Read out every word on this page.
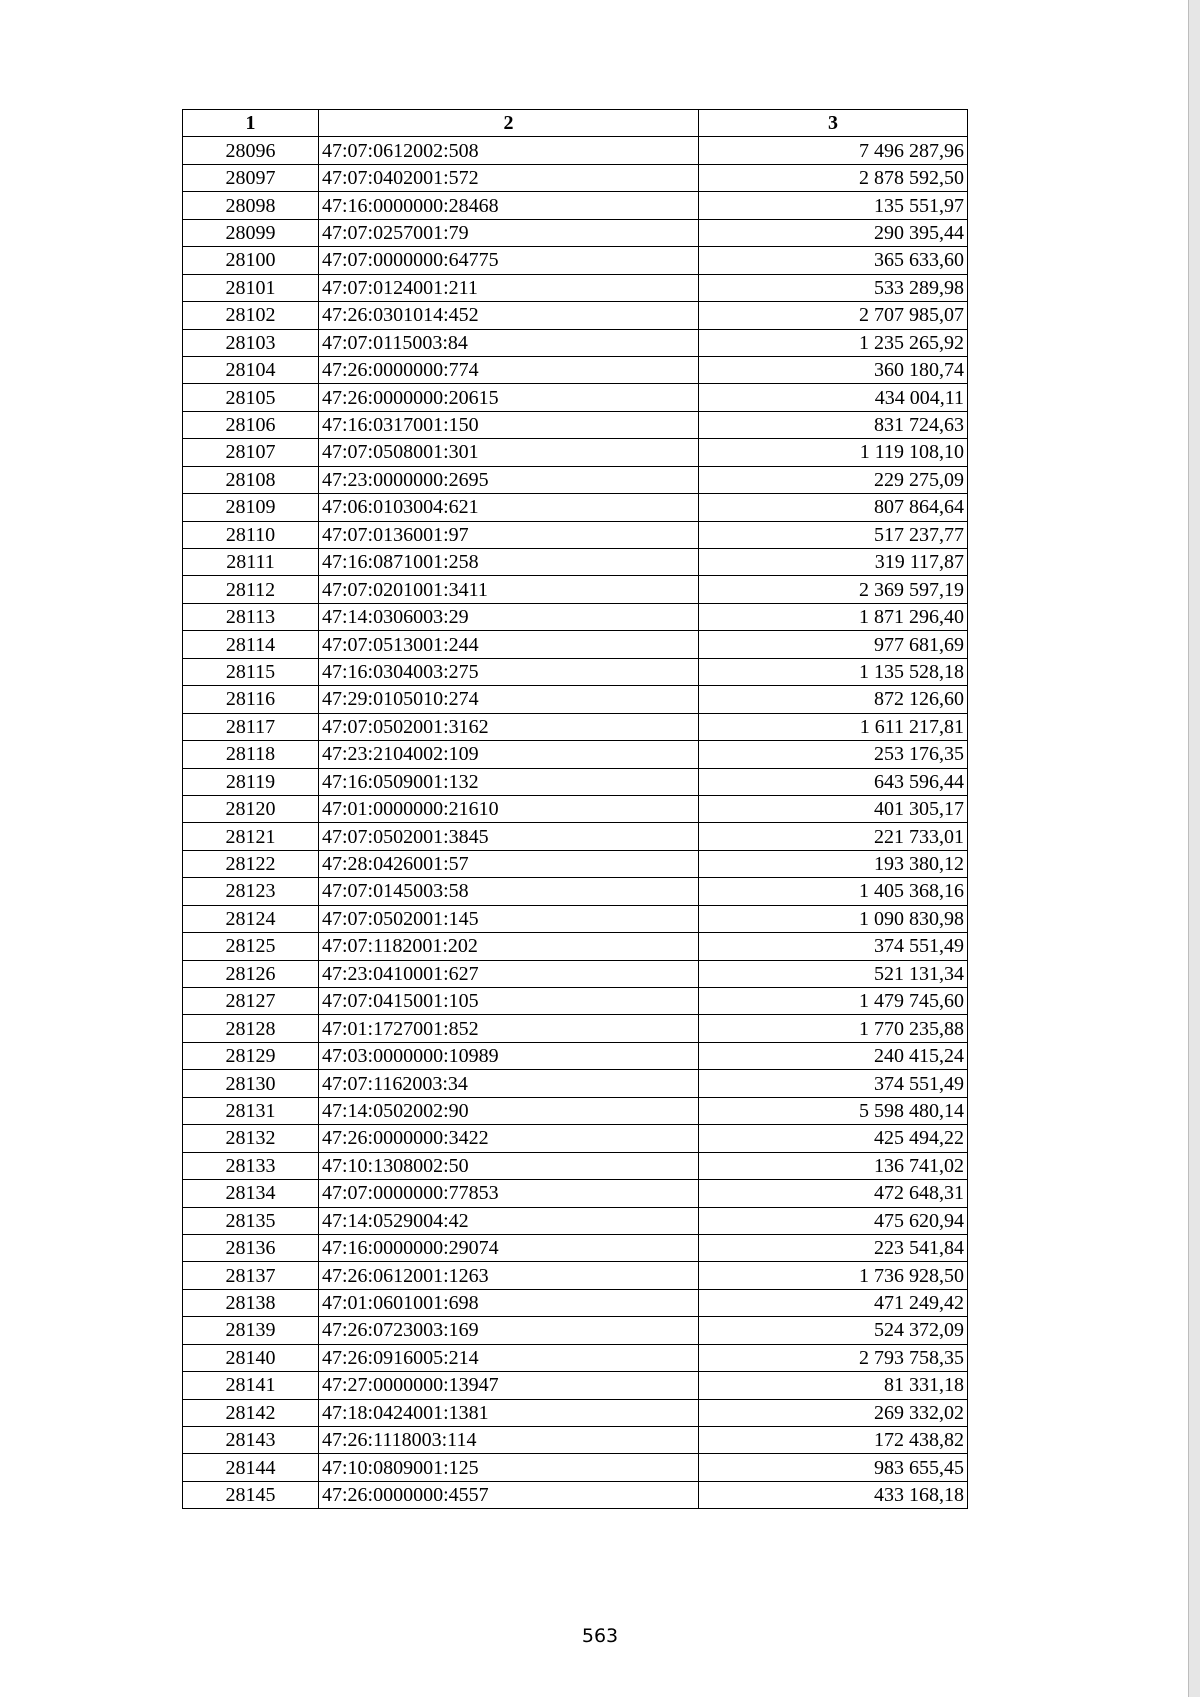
1	2	3
28096	47:07:0612002:508	7 496 287,96
28097	47:07:0402001:572	2 878 592,50
28098	47:16:0000000:28468	135 551,97
28099	47:07:0257001:79	290 395,44
28100	47:07:0000000:64775	365 633,60
28101	47:07:0124001:211	533 289,98
28102	47:26:0301014:452	2 707 985,07
28103	47:07:0115003:84	1 235 265,92
28104	47:26:0000000:774	360 180,74
28105	47:26:0000000:20615	434 004,11
28106	47:16:0317001:150	831 724,63
28107	47:07:0508001:301	1 119 108,10
28108	47:23:0000000:2695	229 275,09
28109	47:06:0103004:621	807 864,64
28110	47:07:0136001:97	517 237,77
28111	47:16:0871001:258	319 117,87
28112	47:07:0201001:3411	2 369 597,19
28113	47:14:0306003:29	1 871 296,40
28114	47:07:0513001:244	977 681,69
28115	47:16:0304003:275	1 135 528,18
28116	47:29:0105010:274	872 126,60
28117	47:07:0502001:3162	1 611 217,81
28118	47:23:2104002:109	253 176,35
28119	47:16:0509001:132	643 596,44
28120	47:01:0000000:21610	401 305,17
28121	47:07:0502001:3845	221 733,01
28122	47:28:0426001:57	193 380,12
28123	47:07:0145003:58	1 405 368,16
28124	47:07:0502001:145	1 090 830,98
28125	47:07:1182001:202	374 551,49
28126	47:23:0410001:627	521 131,34
28127	47:07:0415001:105	1 479 745,60
28128	47:01:1727001:852	1 770 235,88
28129	47:03:0000000:10989	240 415,24
28130	47:07:1162003:34	374 551,49
28131	47:14:0502002:90	5 598 480,14
28132	47:26:0000000:3422	425 494,22
28133	47:10:1308002:50	136 741,02
28134	47:07:0000000:77853	472 648,31
28135	47:14:0529004:42	475 620,94
28136	47:16:0000000:29074	223 541,84
28137	47:26:0612001:1263	1 736 928,50
28138	47:01:0601001:698	471 249,42
28139	47:26:0723003:169	524 372,09
28140	47:26:0916005:214	2 793 758,35
28141	47:27:0000000:13947	81 331,18
28142	47:18:0424001:1381	269 332,02
28143	47:26:1118003:114	172 438,82
28144	47:10:0809001:125	983 655,45
28145	47:26:0000000:4557	433 168,18
563
